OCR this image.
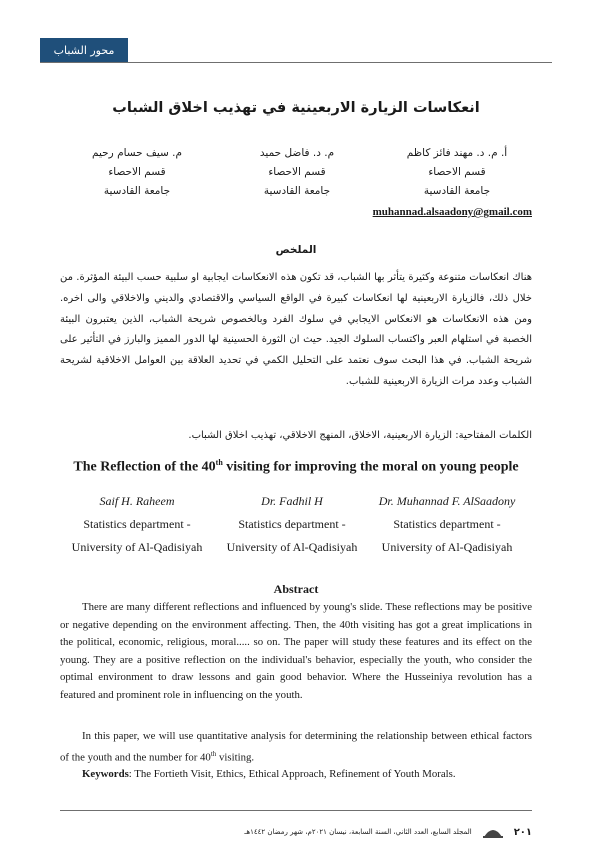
محور الشباب
انعكاسات الزيارة الاربعينية في تهذيب اخلاق الشباب
أ. م. د. مهند فائز كاظم
قسم الاحصاء
جامعة القادسية
م. د. فاضل حميد
قسم الاحصاء
جامعة القادسية
م. سيف حسام رحيم
قسم الاحصاء
جامعة القادسية
muhannad.alsaadony@gmail.com
الملخص
هناك انعكاسات متنوعة وكثيرة يتأثر بها الشباب، قد تكون هذه الانعكاسات ايجابية او سلبية حسب البيئة المؤثرة. من خلال ذلك، فالزيارة الاربعينية لها انعكاسات كبيرة في الواقع السياسي والاقتصادي والديني والاخلاقي والى اخره. ومن هذه الانعكاسات هو الانعكاس الايجابي في سلوك الفرد وبالخصوص شريحة الشباب، الذين يعتبرون البيئة الخصبة في استلهام العبر واكتساب السلوك الجيد. حيث ان الثورة الحسينية لها الدور المميز والبارز في التأثير على شريحة الشباب. في هذا البحث سوف نعتمد على التحليل الكمي في تحديد العلاقة بين العوامل الاخلاقية لشريحة الشباب وعدد مرات الزيارة الاربعينية للشباب.
الكلمات المفتاحية: الزيارة الاربعينية، الاخلاق، المنهج الاخلاقي، تهذيب اخلاق الشباب.
The Reflection of the 40th visiting for improving the moral on young people
Dr. Muhannad F. AlSaadony
Statistics department -
University of Al-Qadisiyah
Dr. Fadhil H
Statistics department -
University of Al-Qadisiyah
Saif H. Raheem
Statistics department -
University of Al-Qadisiyah
Abstract
There are many different reflections and influenced by young's slide. These reflections may be positive or negative depending on the environment affecting. Then, the 40th visiting has got a great implications in the political, economic, religious, moral..... so on. The paper will study these features and its effect on the young. They are a positive reflection on the individual's behavior, especially the youth, who consider the optimal environment to draw lessons and gain good behavior. Where the Husseiniya revolution has a featured and prominent role in influencing on the youth.
In this paper, we will use quantitative analysis for determining the relationship between ethical factors of the youth and the number for 40th visiting.
Keywords: The Fortieth Visit, Ethics, Ethical Approach, Refinement of Youth Morals.
المجلد السابع، العدد الثاني، السنة السابعة، نيسان ٢٠٢١م، شهر رمضان ١٤٤٢هـ	٢٠١
